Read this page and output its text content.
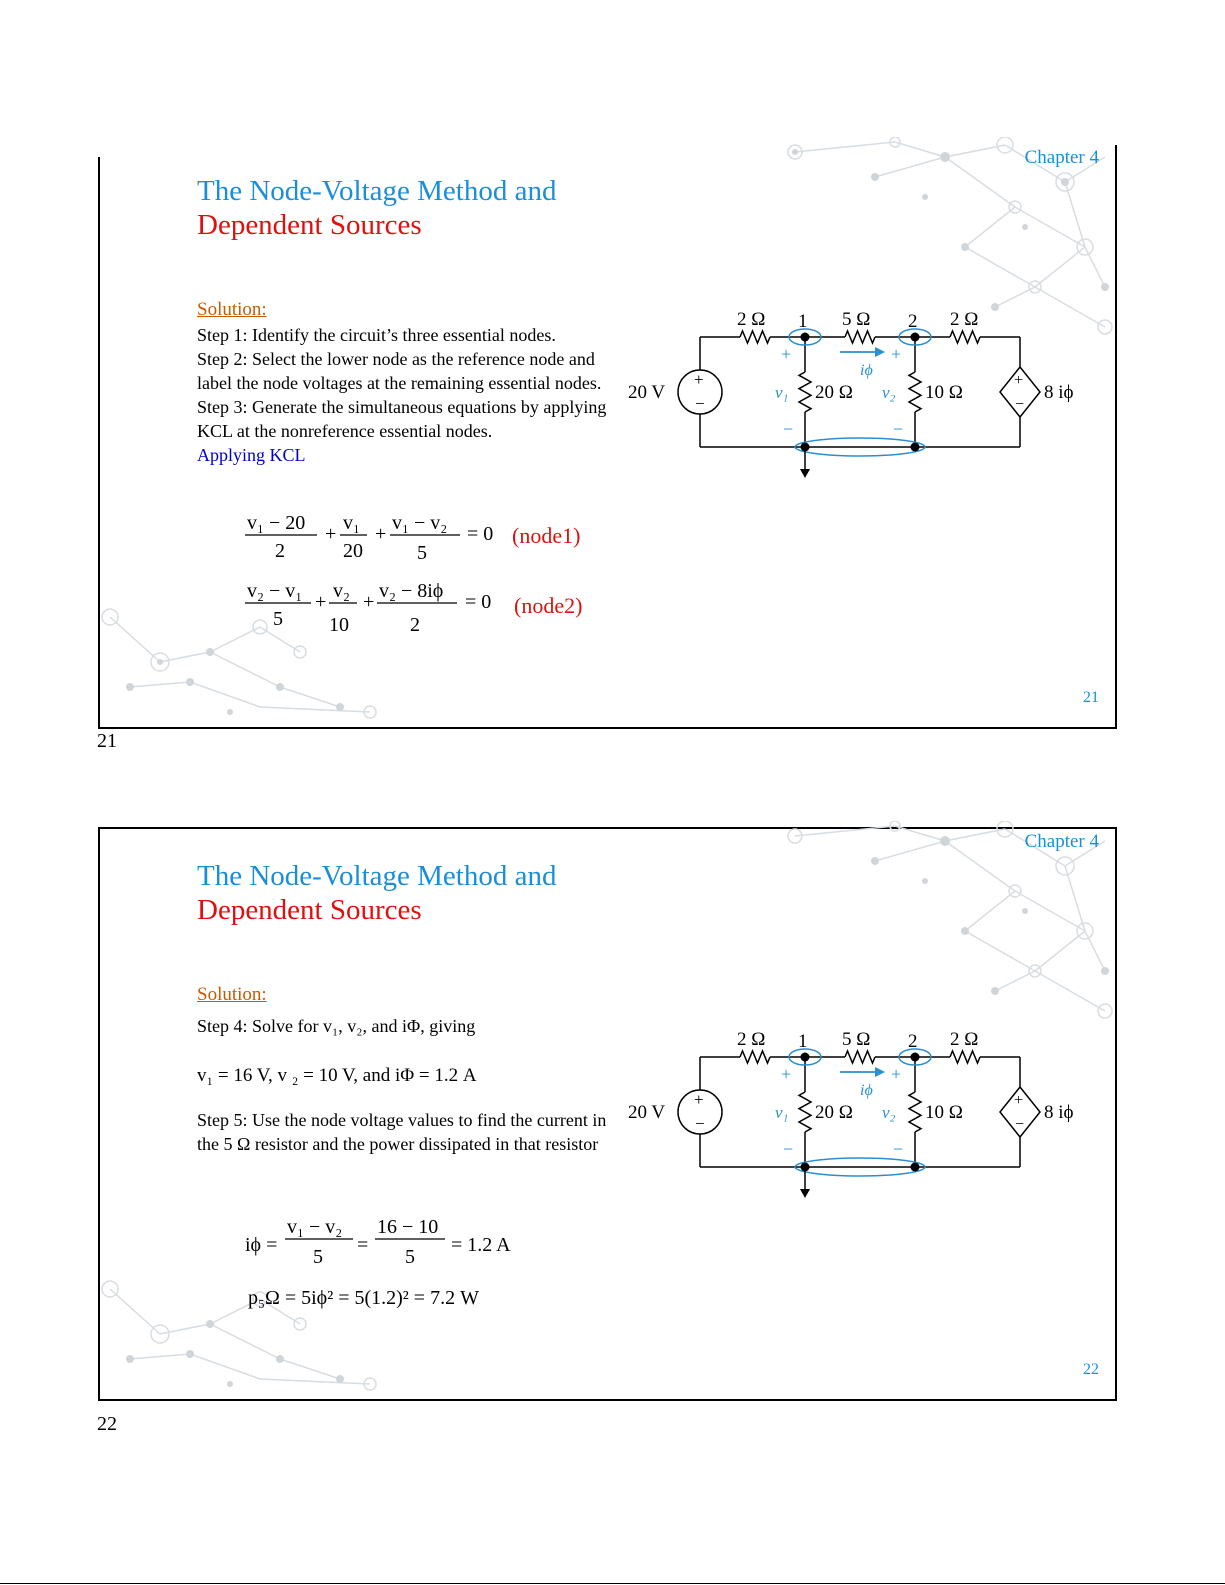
Chapter 4
The Node-Voltage Method and
Dependent Sources
Solution:
Step 1: Identify the circuit’s three essential nodes.
Step 2: Select the lower node as the reference node and label the node voltages at the remaining essential nodes.
Step 3: Generate the simultaneous equations by applying KCL at the nonreference essential nodes.
Applying KCL
v₁ − 20
2
+ v₁
20
+ v₁ − v₂
5
= 0 (node1)
v₂ − v₁
5
+ v₂
10
+ v₂ − 8iϕ
2
= 0 (node2)
+
−
20 V
+
−
8 iϕ
2 Ω 1 5 Ω 2 2 Ω
20 Ω	10 Ω
v₁	v₂
+	+
−	−
iϕ
21
21
Chapter 4
The Node-Voltage Method and
Dependent Sources
Solution:
Step 4: Solve for v₁, v₂, and iΦ, giving
v₁ = 16 V, v ₂ = 10 V, and iΦ = 1.2 A
Step 5: Use the node voltage values to find the current in the 5 Ω resistor and the power dissipated in that resistor
iϕ =
v₁ − v₂
5
=
16 − 10
5
= 1.2 A
p₅Ω = 5iϕ² = 5(1.2)² = 7.2 W
+
−
20 V
+
−
8 iϕ
2 Ω 1 5 Ω 2 2 Ω
20 Ω	10 Ω
v₁	v₂
+	+
−	−
iϕ
22
22
